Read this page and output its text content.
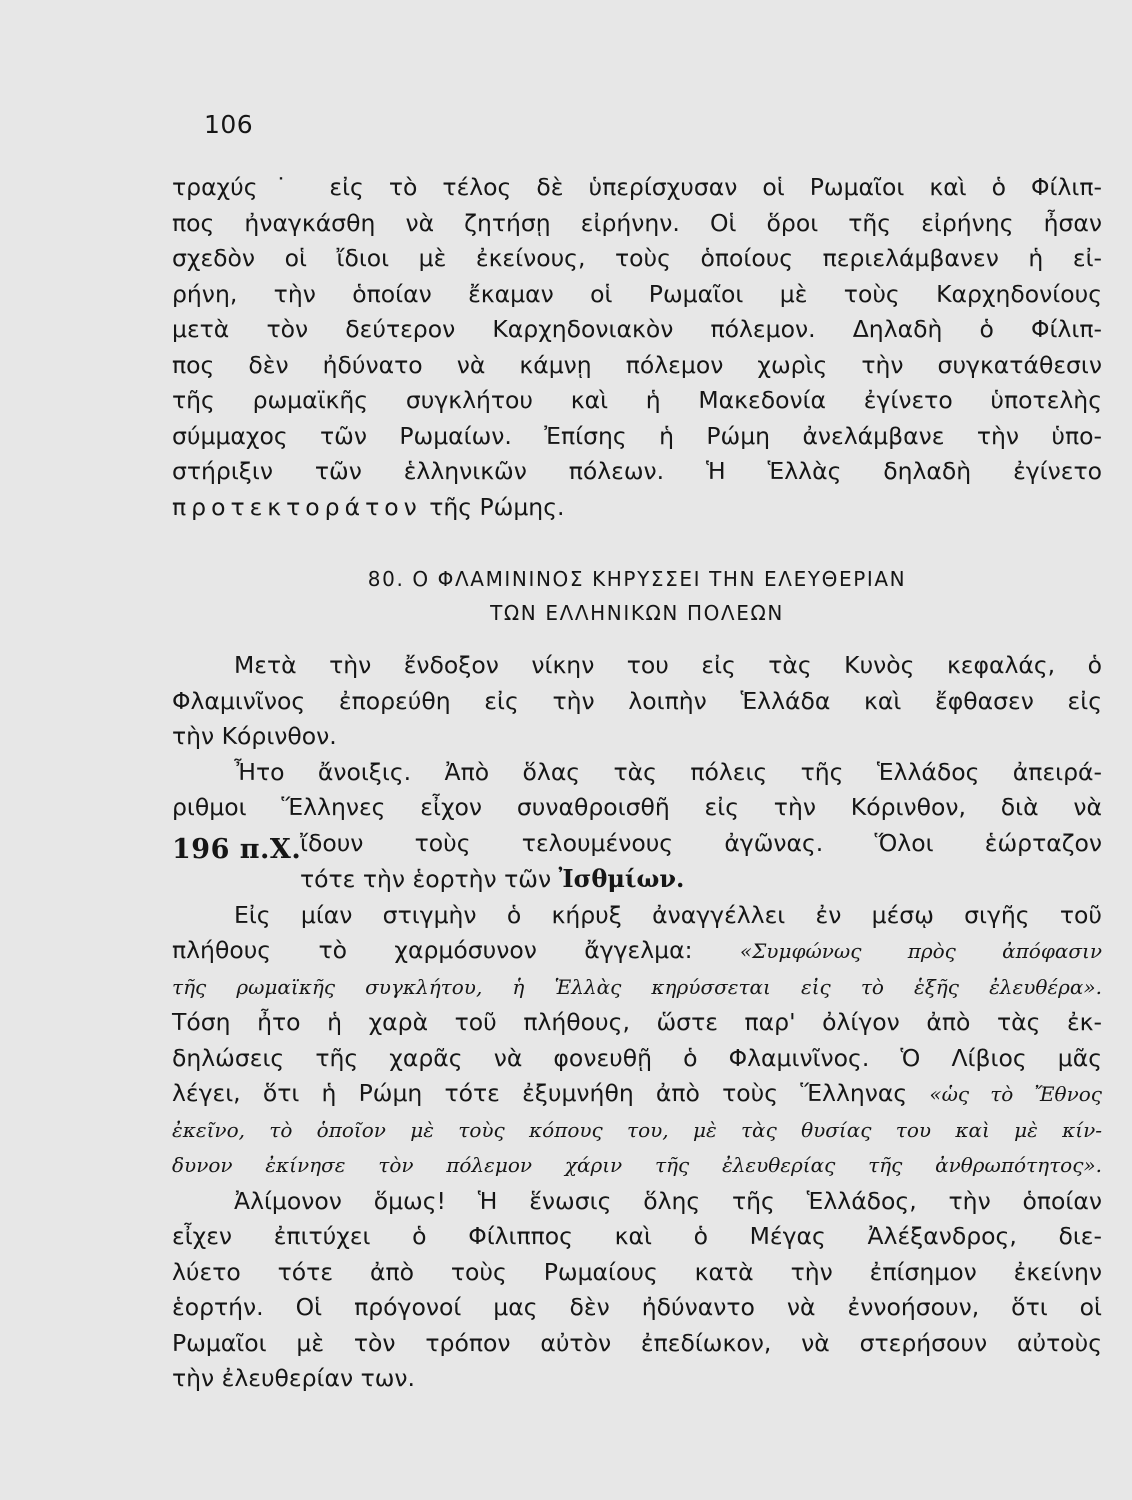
106
τραχύς˙ εἰς τὸ τέλος δὲ ὑπερίσχυσαν οἱ Ρωμαῖοι καὶ ὁ Φίλιπ-
πος ἠναγκάσθη νὰ ζητήσῃ εἰρήνην. Οἱ ὅροι τῆς εἰρήνης ἦσαν
σχεδὸν οἱ ἴδιοι μὲ ἐκείνους, τοὺς ὁποίους περιελάμβανεν ἡ εἰ-
ρήνη, τὴν ὁποίαν ἔκαμαν οἱ Ρωμαῖοι μὲ τοὺς Καρχηδονίους
μετὰ τὸν δεύτερον Καρχηδονιακὸν πόλεμον. Δηλαδὴ ὁ Φίλιπ-
πος δὲν ἠδύνατο νὰ κάμνῃ πόλεμον χωρὶς τὴν συγκατάθεσιν
τῆς ρωμαϊκῆς συγκλήτου καὶ ἡ Μακεδονία ἐγίνετο ὑποτελὴς
σύμμαχος τῶν Ρωμαίων. Ἐπίσης ἡ Ρώμη ἀνελάμβανε τὴν ὑπο-
στήριξιν τῶν ἑλληνικῶν πόλεων. Ἡ Ἑλλὰς δηλαδὴ ἐγίνετο
προτεκτοράτον τῆς Ρώμης.
80. Ο ΦΛΑΜΙΝΙΝΟΣ ΚΗΡΥΣΣΕΙ ΤΗΝ ΕΛΕΥΘΕΡΙΑΝ
ΤΩΝ ΕΛΛΗΝΙΚΩΝ ΠΟΛΕΩΝ
Μετὰ τὴν ἔνδοξον νίκην του εἰς τὰς Κυνὸς κεφαλάς, ὁ
Φλαμινῖνος ἐπορεύθη εἰς τὴν λοιπὴν Ἑλλάδα καὶ ἔφθασεν εἰς
τὴν Κόρινθον.
Ἦτο ἄνοιξις. Ἀπὸ ὅλας τὰς πόλεις τῆς Ἑλλάδος ἀπειρά-
ριθμοι Ἕλληνες εἶχον συναθροισθῆ εἰς τὴν Κόρινθον, διὰ νὰ
196 π.Χ.
ἴδουν τοὺς τελουμένους ἀγῶνας. Ὅλοι ἑώρταζον
τότε τὴν ἑορτὴν τῶν Ἰσθμίων.
Εἰς μίαν στιγμὴν ὁ κήρυξ ἀναγγέλλει ἐν μέσῳ σιγῆς τοῦ
πλήθους τὸ χαρμόσυνον ἄγγελμα: «Συμφώνως πρὸς ἀπόφασιν
τῆς ρωμαϊκῆς συγκλήτου, ἡ Ἑλλὰς κηρύσσεται εἰς τὸ ἑξῆς ἐλευθέρα».
Τόση ἦτο ἡ χαρὰ τοῦ πλήθους, ὥστε παρ' ὀλίγον ἀπὸ τὰς ἐκ-
δηλώσεις τῆς χαρᾶς νὰ φονευθῇ ὁ Φλαμινῖνος. Ὁ Λίβιος μᾶς
λέγει, ὅτι ἡ Ρώμη τότε ἐξυμνήθη ἀπὸ τοὺς Ἕλληνας «ὡς τὸ Ἔθνος
ἐκεῖνο, τὸ ὁποῖον μὲ τοὺς κόπους του, μὲ τὰς θυσίας του καὶ μὲ κίν-
δυνον ἐκίνησε τὸν πόλεμον χάριν τῆς ἐλευθερίας τῆς ἀνθρωπότητος».
Ἀλίμονον ὅμως! Ἡ ἕνωσις ὅλης τῆς Ἑλλάδος, τὴν ὁποίαν
εἶχεν ἐπιτύχει ὁ Φίλιππος καὶ ὁ Μέγας Ἀλέξανδρος, διε-
λύετο τότε ἀπὸ τοὺς Ρωμαίους κατὰ τὴν ἐπίσημον ἐκείνην
ἑορτήν. Οἱ πρόγονοί μας δὲν ἠδύναντο νὰ ἐννοήσουν, ὅτι οἱ
Ρωμαῖοι μὲ τὸν τρόπον αὐτὸν ἐπεδίωκον, νὰ στερήσουν αὐτοὺς
τὴν ἐλευθερίαν των.
